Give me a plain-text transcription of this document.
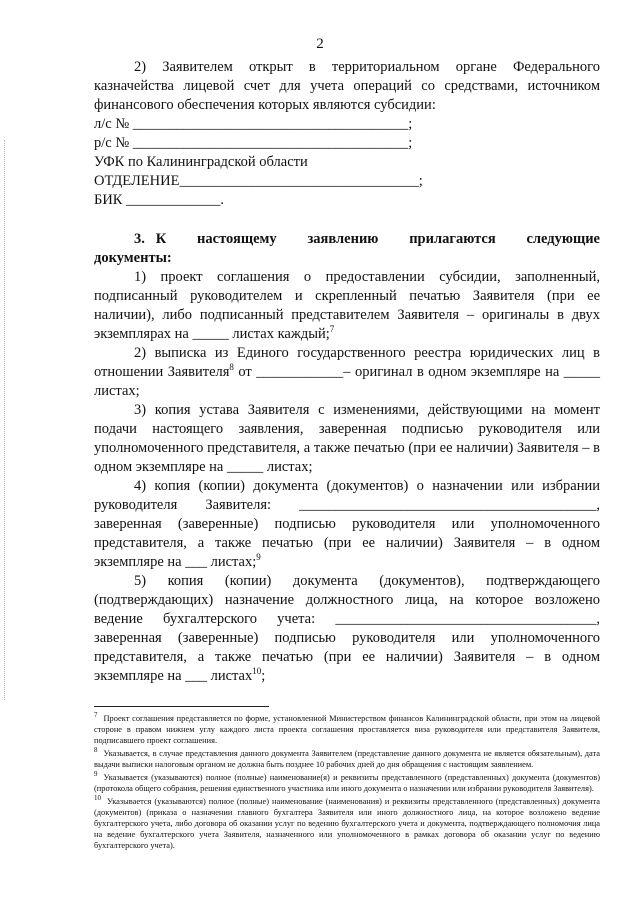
2

2) Заявителем открыт в территориальном органе Федерального казначейства лицевой счет для учета операций со средствами, источником финансового обеспечения которых являются субсидии:

л/с № ______________________________________;

р/с № ______________________________________;

УФК по Калининградской области

ОТДЕЛЕНИЕ_________________________________;

БИК _____________.

3. К настоящему заявлению прилагаются следующие документы:

1) проект соглашения о предоставлении субсидии, заполненный, подписанный руководителем и скрепленный печатью Заявителя (при ее наличии), либо подписанный представителем Заявителя – оригиналы в двух экземплярах на _____ листах каждый;$^7$

2) выписка из Единого государственного реестра юридических лиц в отношении Заявителя$^8$ от ____________– оригинал в одном экземпляре на _____ листах;

3) копия устава Заявителя с изменениями, действующими на момент подачи настоящего заявления, заверенная подписью руководителя или уполномоченного представителя, а также печатью (при ее наличии) Заявителя – в одном экземпляре на _____ листах;

4) копия (копии) документа (документов) о назначении или избрании руководителя Заявителя: _________________________________________, заверенная (заверенные) подписью руководителя или уполномоченного представителя, а также печатью (при ее наличии) Заявителя – в одном экземпляре на ___ листах;$^9$

5) копия (копии) документа (документов), подтверждающего (подтверждающих) назначение должностного лица, на которое возложено ведение бухгалтерского учета: ____________________________________, заверенная (заверенные) подписью руководителя или уполномоченного представителя, а также печатью (при ее наличии) Заявителя – в одном экземпляре на ___ листах$^{10}$;

$^7$ Проект соглашения представляется по форме, установленной Министерством финансов Калининградской области, при этом на лицевой стороне в правом нижнем углу каждого листа проекта соглашения проставляется виза руководителя или представителя Заявителя, подписавшего проект соглашения.

$^8$ Указывается, в случае представления данного документа Заявителем (представление данного документа не является обязательным), дата выдачи выписки налоговым органом не должна быть позднее 10 рабочих дней до дня обращения с настоящим заявлением.

$^9$ Указывается (указываются) полное (полные) наименование(я) и реквизиты представленного (представленных) документа (документов) (протокола общего собрания, решения единственного участника или иного документа о назначении или избрании руководителя Заявителя).

$^{10}$ Указывается (указываются) полное (полные) наименование (наименования) и реквизиты представленного (представленных) документа (документов) (приказа о назначении главного бухгалтера Заявителя или иного должностного лица, на которое возложено ведение бухгалтерского учета, либо договора об оказании услуг по ведению бухгалтерского учета и документа, подтверждающего полномочия лица на ведение бухгалтерского учета Заявителя, назначенного или уполномоченного в рамках договора об оказании услуг по ведению бухгалтерского учета).
